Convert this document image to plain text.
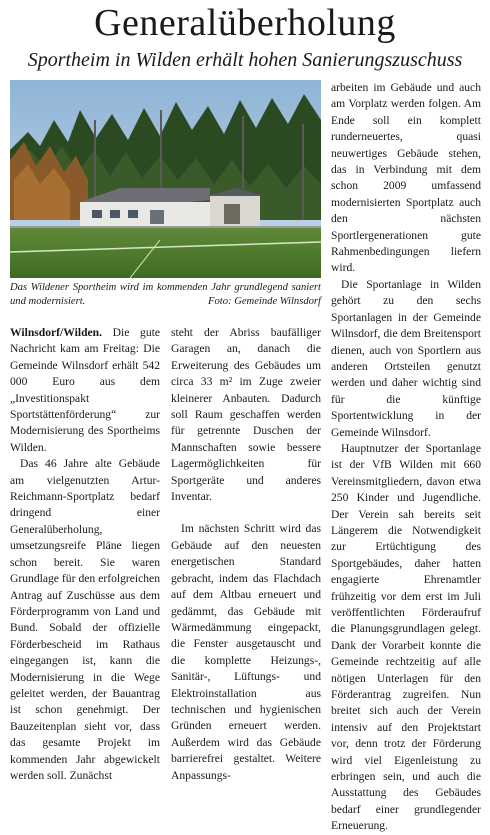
Generalüberholung
Sportheim in Wilden erhält hohen Sanierungszuschuss
Das Wildener Sportheim wird im kommenden Jahr grundlegend saniert und modernisiert.	Foto: Gemeinde Wilnsdorf

Wilnsdorf/Wilden. Die gute Nachricht kam am Freitag: Die Gemeinde Wilnsdorf erhält 542 000 Euro aus dem „Investitionspakt Sportstättenförderung“ zur Modernisierung des Sportheims Wilden.

Das 46 Jahre alte Gebäude am vielgenutzten Artur-Reichmann-Sportplatz bedarf dringend einer Generalüberholung, umsetzungsreife Pläne liegen schon bereit. Sie waren Grundlage für den erfolgreichen Antrag auf Zuschüsse aus dem Förderprogramm von Land und Bund. Sobald der offizielle Förderbescheid im Rathaus eingegangen ist, kann die Modernisierung in die Wege geleitet werden, der Bauantrag ist schon genehmigt. Der Bauzeitenplan sieht vor, dass das gesamte Projekt im kommenden Jahr abgewickelt werden soll. Zunächst

steht der Abriss baufälliger Garagen an, danach die Erweiterung des Gebäudes um circa 33 m² im Zuge zweier kleinerer Anbauten. Dadurch soll Raum geschaffen werden für getrennte Duschen der Mannschaften sowie bessere Lagermöglichkeiten für Sportgeräte und anderes Inventar.

Im nächsten Schritt wird das Gebäude auf den neuesten energetischen Standard gebracht, indem das Flachdach auf dem Altbau erneuert und gedämmt, das Gebäude mit Wärmedämmung eingepackt, die Fenster ausgetauscht und die komplette Heizungs-, Sanitär-, Lüftungs- und Elektroinstallation aus technischen und hygienischen Gründen erneuert werden. Außerdem wird das Gebäude barrierefrei gestaltet. Weitere Anpassungs-

arbeiten im Gebäude und auch am Vorplatz werden folgen. Am Ende soll ein komplett runderneuertes, quasi neuwertiges Gebäude stehen, das in Verbindung mit dem schon 2009 umfassend modernisierten Sportplatz auch den nächsten Sportlergenerationen gute Rahmenbedingungen liefern wird.

Die Sportanlage in Wilden gehört zu den sechs Sportanlagen in der Gemeinde Wilnsdorf, die dem Breitensport dienen, auch von Sportlern aus anderen Ortsteilen genutzt werden und daher wichtig sind für die künftige Sportentwicklung in der Gemeinde Wilnsdorf.

Hauptnutzer der Sportanlage ist der VfB Wilden mit 660 Vereinsmitgliedern, davon etwa 250 Kinder und Jugendliche. Der Verein sah bereits seit Längerem die Notwendigkeit zur Ertüchtigung des Sportgebäudes, daher hatten engagierte Ehrenamtler frühzeitig vor dem erst im Juli veröffentlichten Förderaufruf die Planungsgrundlagen gelegt. Dank der Vorarbeit konnte die Gemeinde rechtzeitig auf alle nötigen Unterlagen für den Förderantrag zugreifen. Nun breitet sich auch der Verein intensiv auf den Projektstart vor, denn trotz der Förderung wird viel Eigenleistung zu erbringen sein, und auch die Ausstattung des Gebäudes bedarf einer grundlegender Erneuerung.
